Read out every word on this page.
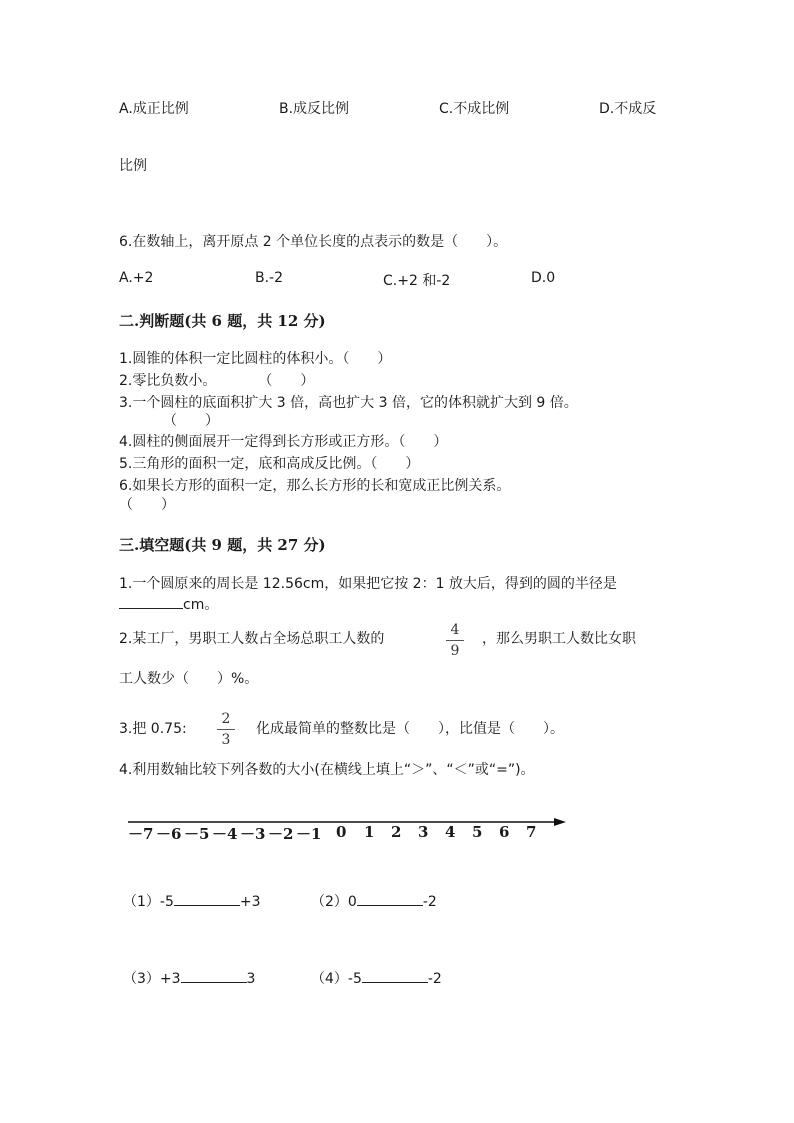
A.成正比例	B.成反比例	C.不成比例	D.不成反
比例
6.在数轴上，离开原点 2 个单位长度的点表示的数是（　　）。
A.+2	B.-2	C.+2 和-2	D.0
二.判断题(共 6 题，共 12 分)
1.圆锥的体积一定比圆柱的体积小。（　　）
2.零比负数小。　　　　（　　）
3.一个圆柱的底面积扩大 3 倍，高也扩大 3 倍，它的体积就扩大到 9 倍。
（　　）
4.圆柱的侧面展开一定得到长方形或正方形。（　　）
5.三角形的面积一定，底和高成反比例。（　　）
6.如果长方形的面积一定，那么长方形的长和宽成正比例关系。
（　　）
三.填空题(共 9 题，共 27 分)
1.一个圆原来的周长是 12.56cm，如果把它按 2：1 放大后，得到的圆的半径是
cm。
2.某工厂，男职工人数占全场总职工人数的
4
9
，那么男职工人数比女职
工人数少（　　）%。
3.把 0.75:
2
3
化成最简单的整数比是（　　），比值是（　　）。
4.利用数轴比较下列各数的大小(在横线上填上“＞”、“＜”或“=”)。
－7 －6 －5 －4 －3 －2 －1 0 1 2 3 4 5 6 7
（1）-5	+3	（2）0	-2
（3）+3	3	（4）-5	-2
